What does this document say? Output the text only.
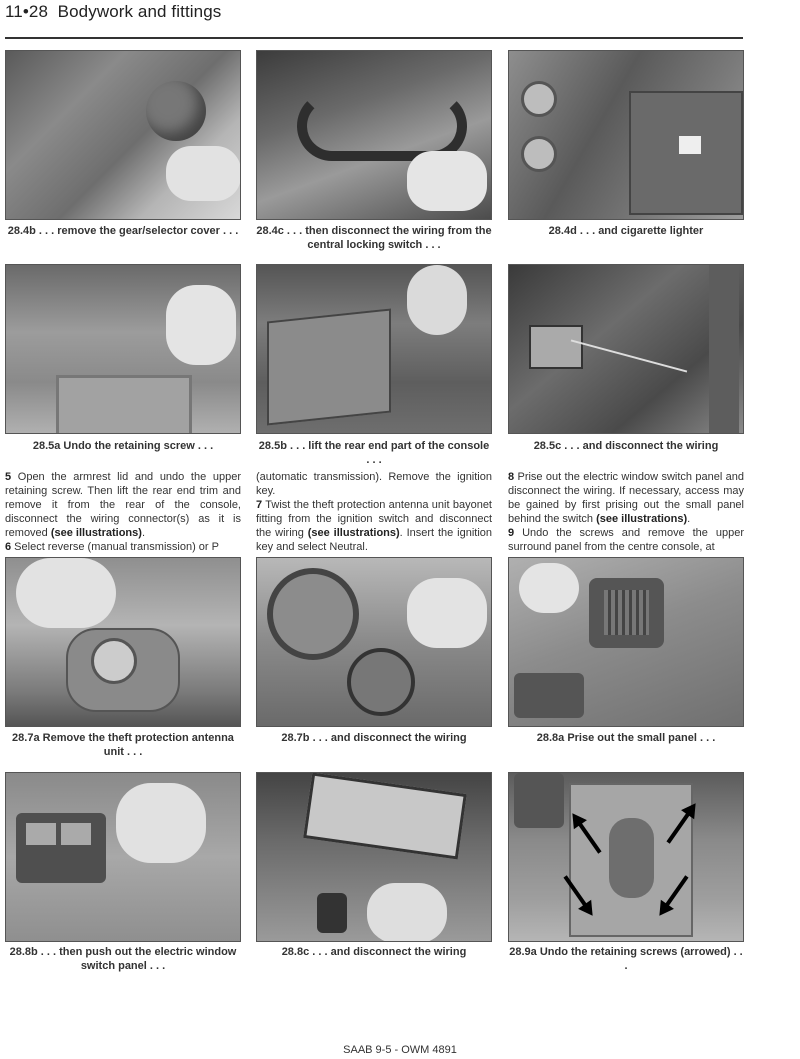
11•28 Bodywork and fittings
28.4b . . . remove the gear/selector cover . . . 28.4c . . . then disconnect the wiring from the central locking switch . . .
28.4d . . . and cigarette lighter
28.5a Undo the retaining screw . . .	28.5b . . . lift the rear end part of the console . . .
28.5c . . . and disconnect the wiring
5 Open the armrest lid and undo the upper retaining screw. Then lift the rear end trim and remove it from the rear of the console, disconnect the wiring connector(s) as it is removed (see illustrations).
6 Select reverse (manual transmission) or P
(automatic transmission). Remove the ignition key.
7 Twist the theft protection antenna unit bayonet fitting from the ignition switch and disconnect the wiring (see illustrations). Insert the ignition key and select Neutral.
8 Prise out the electric window switch panel and disconnect the wiring. If necessary, access may be gained by first prising out the small panel behind the switch (see illustrations).
9 Undo the screws and remove the upper surround panel from the centre console, at
28.7a Remove the theft protection antenna unit . . .
28.7b . . . and disconnect the wiring	28.8a Prise out the small panel . . .
28.8b . . . then push out the electric window switch panel . . .
28.8c . . . and disconnect the wiring	28.9a Undo the retaining screws (arrowed) . . .
SAAB 9-5 - OWM 4891
